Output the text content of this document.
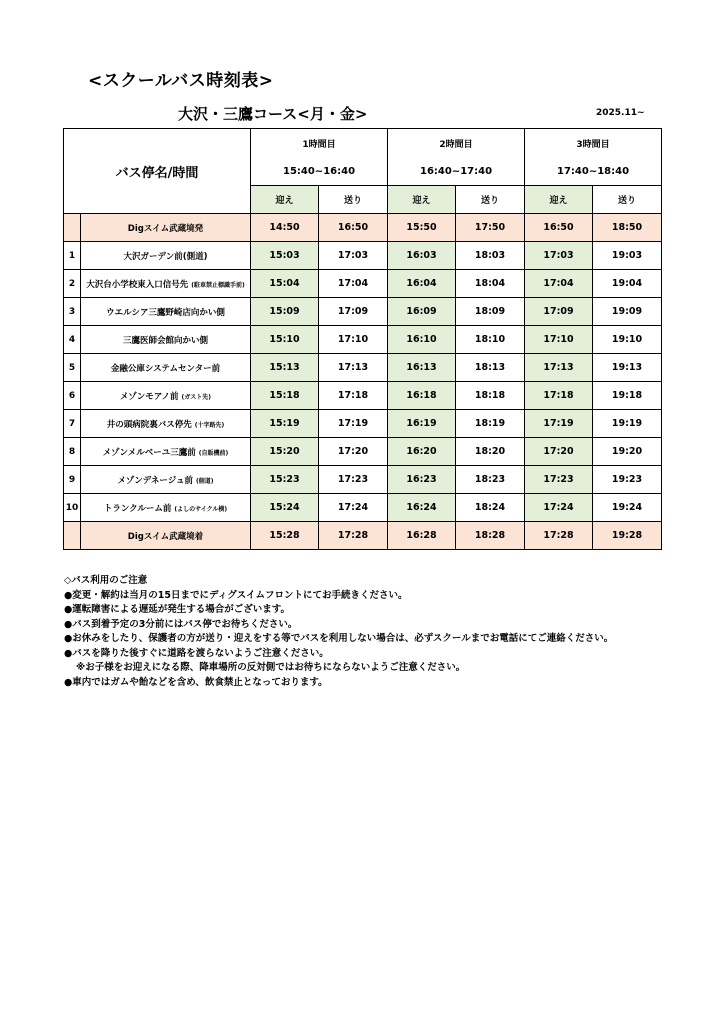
<スクールバス時刻表>
大沢・三鷹コース<月・金>	2025.11~
バス停名/時間		1時間目		2時間目		3時間目	
		15:40~16:40		16:40~17:40		17:40~18:40	
		迎え	送り	迎え	送り	迎え	送り
	Digスイム武蔵境発	14:50	16:50	15:50	17:50	16:50	18:50
1	大沢ガーデン前(側道)	15:03	17:03	16:03	18:03	17:03	19:03
2	大沢台小学校東入口信号先 (駐車禁止標識手前)	15:04	17:04	16:04	18:04	17:04	19:04
3	ウエルシア三鷹野崎店向かい側	15:09	17:09	16:09	18:09	17:09	19:09
4	三鷹医師会館向かい側	15:10	17:10	16:10	18:10	17:10	19:10
5	金融公庫システムセンター前	15:13	17:13	16:13	18:13	17:13	19:13
6	メゾンモアノ前 (ガスト先)	15:18	17:18	16:18	18:18	17:18	19:18
7	井の頭病院裏バス停先 (十字路先)	15:19	17:19	16:19	18:19	17:19	19:19
8	メゾンメルベーユ三鷹前 (自販機前)	15:20	17:20	16:20	18:20	17:20	19:20
9	メゾンデネージュ前 (側道)	15:23	17:23	16:23	18:23	17:23	19:23
10	トランクルーム前 (よしのサイクル横)	15:24	17:24	16:24	18:24	17:24	19:24
	Digスイム武蔵境着	15:28	17:28	16:28	18:28	17:28	19:28
◇バス利用のご注意
●変更・解約は当月の15日までにディグスイムフロントにてお手続きください。
●運転障害による遅延が発生する場合がございます。
●バス到着予定の3分前にはバス停でお待ちください。
●お休みをしたり、保護者の方が送り・迎えをする等でバスを利用しない場合は、必ずスクールまでお電話にてご連絡ください。
●バスを降りた後すぐに道路を渡らないようご注意ください。
※お子様をお迎えになる際、降車場所の反対側ではお待ちにならないようご注意ください。
●車内ではガムや飴などを含め、飲食禁止となっております。
